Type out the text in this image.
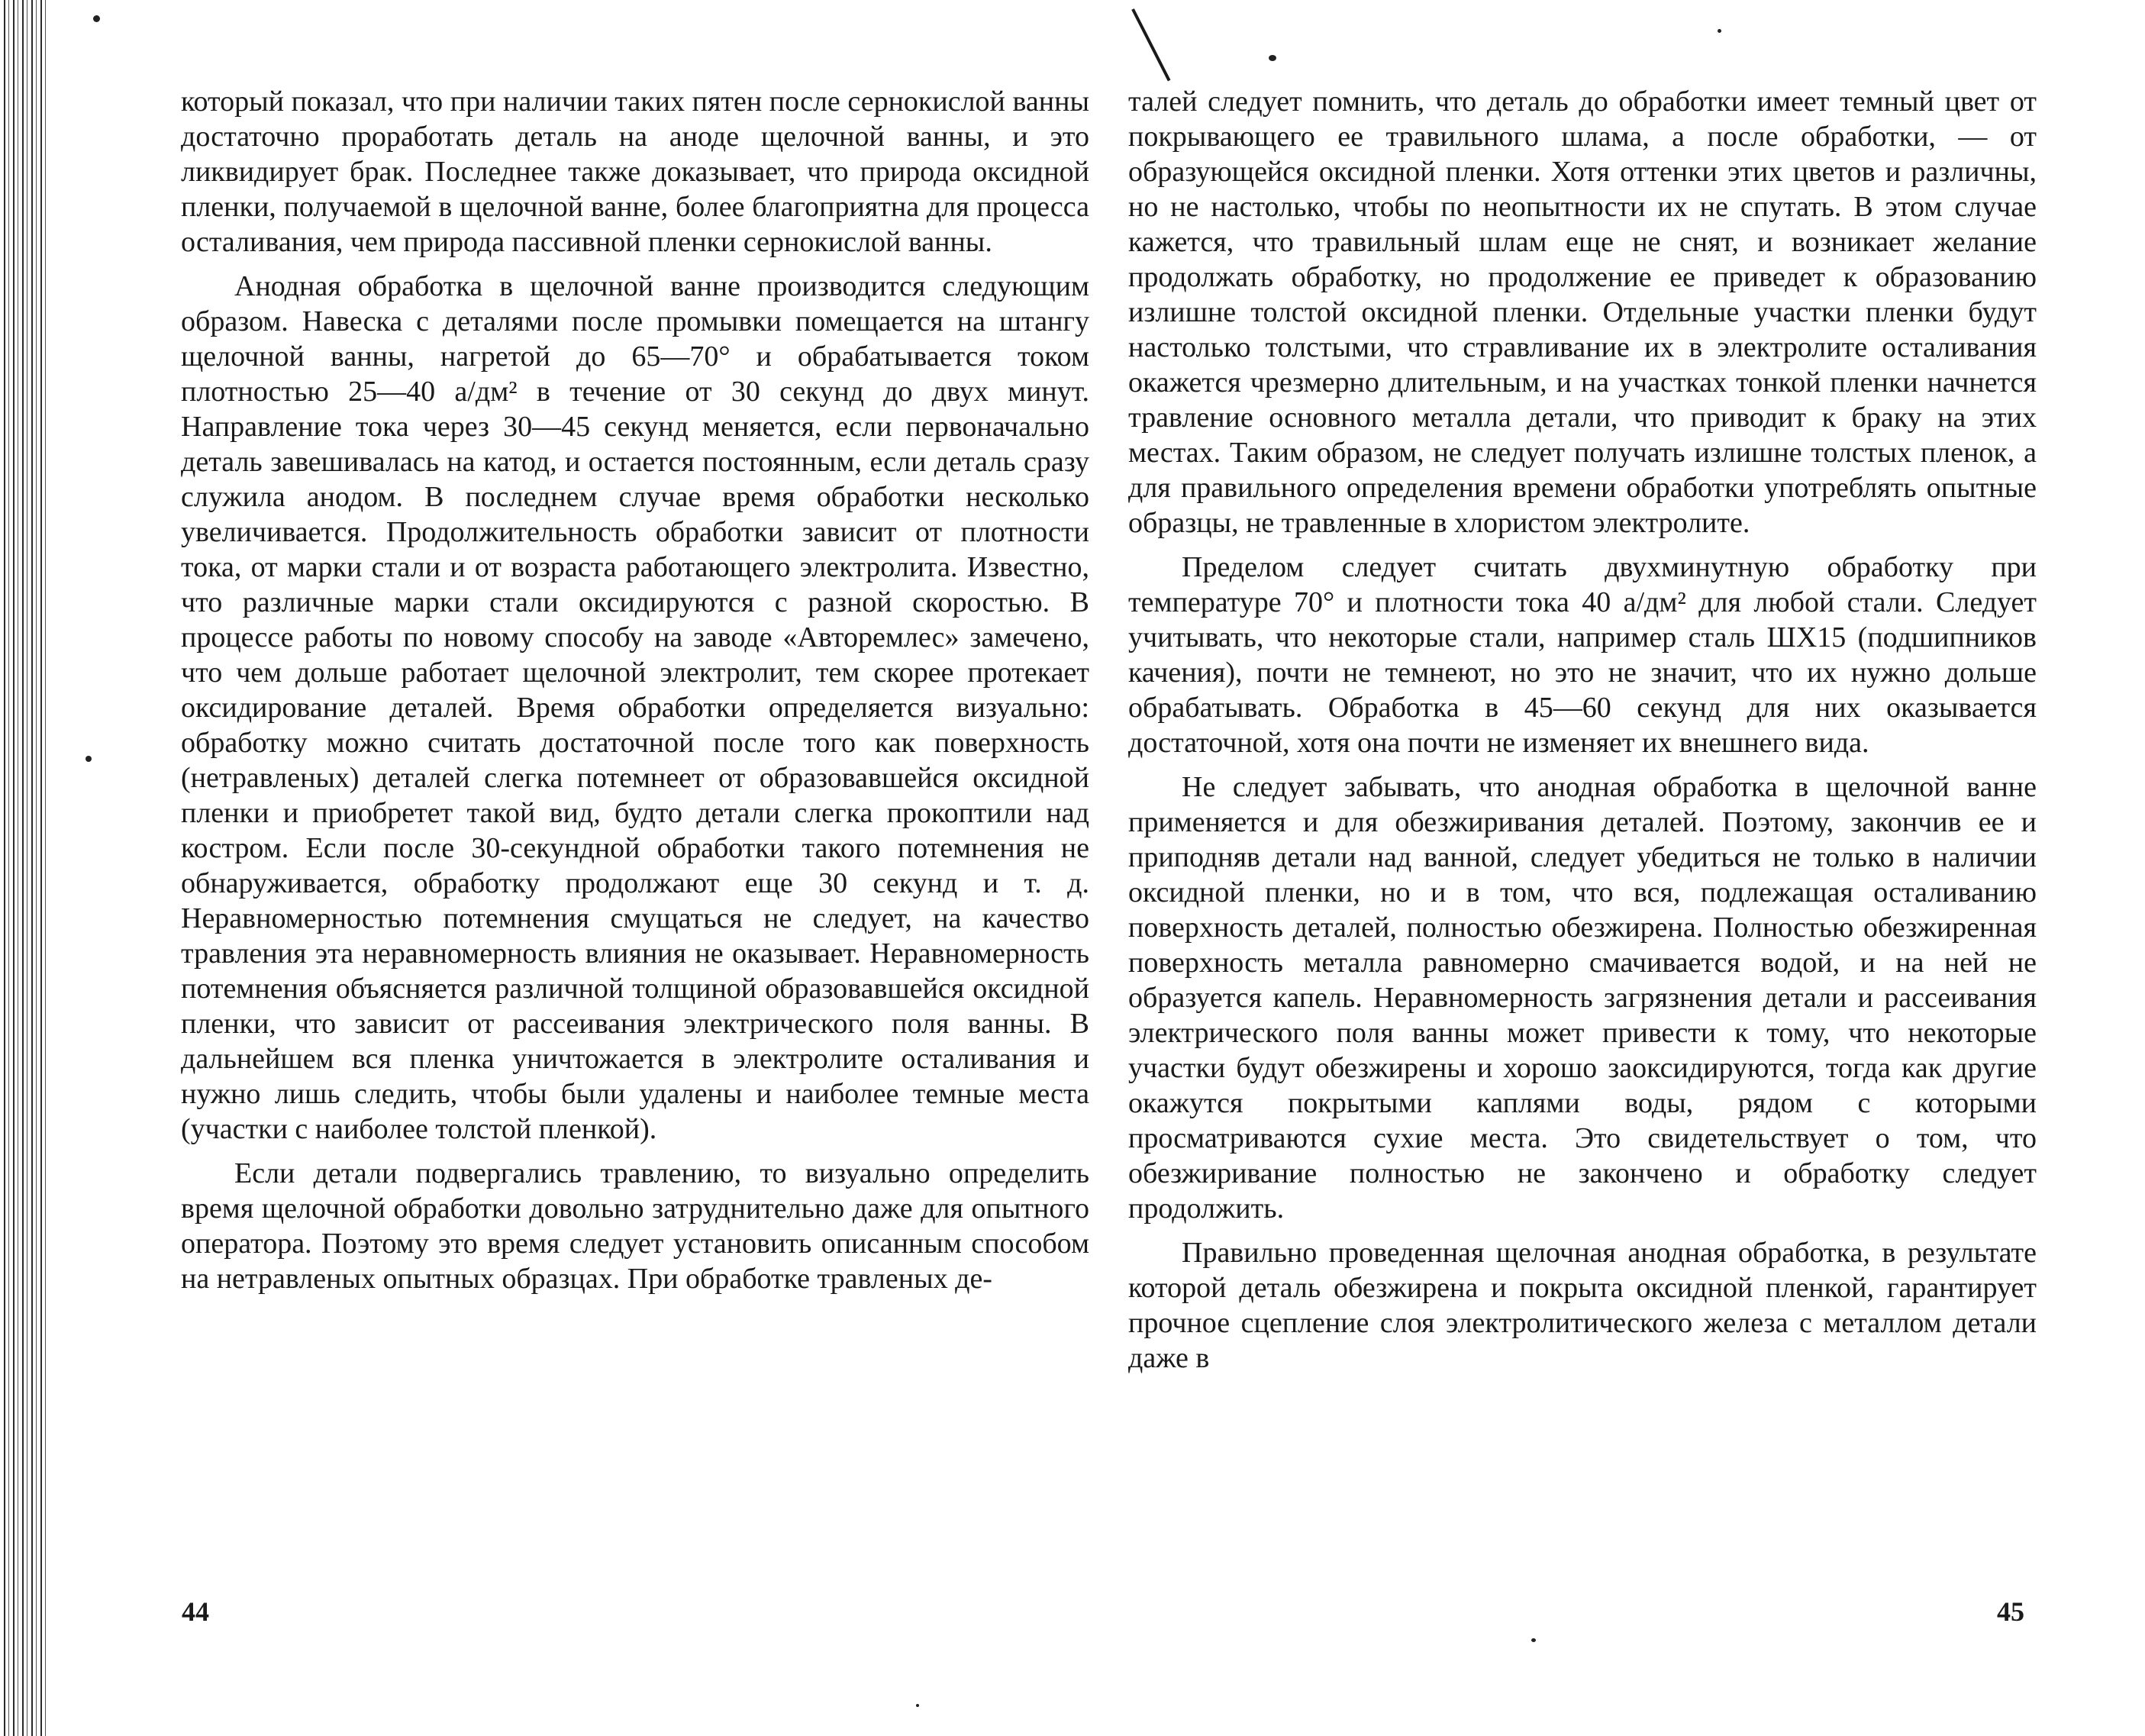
который показал, что при наличии таких пятен после сернокислой ванны достаточно проработать деталь на аноде щелочной ванны, и это ликвидирует брак. Последнее также доказывает, что природа оксидной пленки, получаемой в щелочной ванне, более благоприятна для процесса осталивания, чем природа пассивной пленки сернокислой ванны.

Анодная обработка в щелочной ванне производится следующим образом. Навеска с деталями после промывки помещается на штангу щелочной ванны, нагретой до 65—70° и обрабатывается током плотностью 25—40 а/дм² в течение от 30 секунд до двух минут. Направление тока через 30—45 секунд меняется, если первоначально деталь завешивалась на катод, и остается постоянным, если деталь сразу служила анодом. В последнем случае время обработки несколько увеличивается. Продолжительность обработки зависит от плотности тока, от марки стали и от возраста работающего электролита. Известно, что различные марки стали оксидируются с разной скоростью. В процессе работы по новому способу на заводе «Авторемлес» замечено, что чем дольше работает щелочной электролит, тем скорее протекает оксидирование деталей. Время обработки определяется визуально: обработку можно считать достаточной после того как поверхность (нетравленых) деталей слегка потемнеет от образовавшейся оксидной пленки и приобретет такой вид, будто детали слегка прокоптили над костром. Если после 30-секундной обработки такого потемнения не обнаруживается, обработку продолжают еще 30 секунд и т. д. Неравномерностью потемнения смущаться не следует, на качество травления эта неравномерность влияния не оказывает. Неравномерность потемнения объясняется различной толщиной образовавшейся оксидной пленки, что зависит от рассеивания электрического поля ванны. В дальнейшем вся пленка уничтожается в электролите осталивания и нужно лишь следить, чтобы были удалены и наиболее темные места (участки с наиболее толстой пленкой).

Если детали подвергались травлению, то визуально определить время щелочной обработки довольно затруднительно даже для опытного оператора. Поэтому это время следует установить описанным способом на нетравленых опытных образцах. При обработке травленых де-

44

талей следует помнить, что деталь до обработки имеет темный цвет от покрывающего ее травильного шлама, а после обработки, — от образующейся оксидной пленки. Хотя оттенки этих цветов и различны, но не настолько, чтобы по неопытности их не спутать. В этом случае кажется, что травильный шлам еще не снят, и возникает желание продолжать обработку, но продолжение ее приведет к образованию излишне толстой оксидной пленки. Отдельные участки пленки будут настолько толстыми, что стравливание их в электролите осталивания окажется чрезмерно длительным, и на участках тонкой пленки начнется травление основного металла детали, что приводит к браку на этих местах. Таким образом, не следует получать излишне толстых пленок, а для правильного определения времени обработки употреблять опытные образцы, не травленные в хлористом электролите.

Пределом следует считать двухминутную обработку при температуре 70° и плотности тока 40 а/дм² для любой стали. Следует учитывать, что некоторые стали, например сталь ШХ15 (подшипников качения), почти не темнеют, но это не значит, что их нужно дольше обрабатывать. Обработка в 45—60 секунд для них оказывается достаточной, хотя она почти не изменяет их внешнего вида.

Не следует забывать, что анодная обработка в щелочной ванне применяется и для обезжиривания деталей. Поэтому, закончив ее и приподняв детали над ванной, следует убедиться не только в наличии оксидной пленки, но и в том, что вся, подлежащая осталиванию поверхность деталей, полностью обезжирена. Полностью обезжиренная поверхность металла равномерно смачивается водой, и на ней не образуется капель. Неравномерность загрязнения детали и рассеивания электрического поля ванны может привести к тому, что некоторые участки будут обезжирены и хорошо заоксидируются, тогда как другие окажутся покрытыми каплями воды, рядом с которыми просматриваются сухие места. Это свидетельствует о том, что обезжиривание полностью не закончено и обработку следует продолжить.

Правильно проведенная щелочная анодная обработка, в результате которой деталь обезжирена и покрыта оксидной пленкой, гарантирует прочное сцепление слоя электролитического железа с металлом детали даже в

45
